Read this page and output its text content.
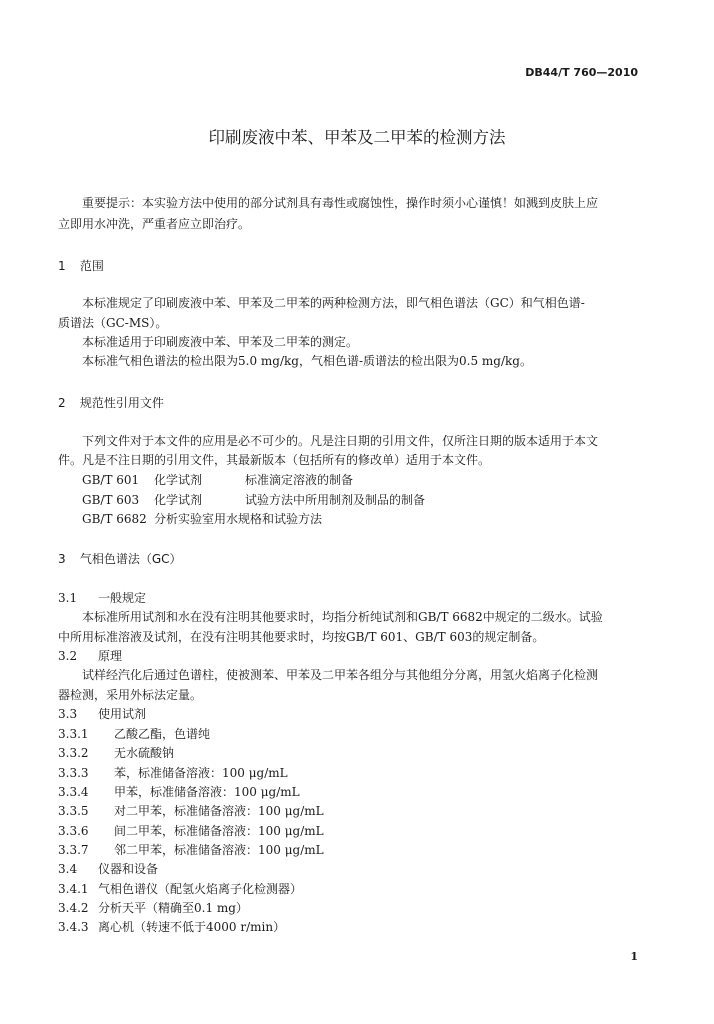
DB44/T 760—2010
印刷废液中苯、甲苯及二甲苯的检测方法
重要提示：本实验方法中使用的部分试剂具有毒性或腐蚀性，操作时须小心谨慎！如溅到皮肤上应
立即用水冲洗，严重者应立即治疗。
1 范围
本标准规定了印刷废液中苯、甲苯及二甲苯的两种检测方法，即气相色谱法（GC）和气相色谱-
质谱法（GC-MS）。
本标准适用于印刷废液中苯、甲苯及二甲苯的测定。
本标准气相色谱法的检出限为5.0 mg/kg，气相色谱-质谱法的检出限为0.5 mg/kg。
2 规范性引用文件
下列文件对于本文件的应用是必不可少的。凡是注日期的引用文件，仅所注日期的版本适用于本文
件。凡是不注日期的引用文件，其最新版本（包括所有的修改单）适用于本文件。
GB/T 601 化学试剂	标准滴定溶液的制备
GB/T 603 化学试剂	试验方法中所用制剂及制品的制备
GB/T 6682 分析实验室用水规格和试验方法
3 气相色谱法（GC）
3.1 一般规定
本标准所用试剂和水在没有注明其他要求时，均指分析纯试剂和GB/T 6682中规定的二级水。试验
中所用标准溶液及试剂，在没有注明其他要求时，均按GB/T 601、GB/T 603的规定制备。
3.2 原理
试样经汽化后通过色谱柱，使被测苯、甲苯及二甲苯各组分与其他组分分离，用氢火焰离子化检测
器检测，采用外标法定量。
3.3 使用试剂
3.3.1 乙酸乙酯，色谱纯
3.3.2 无水硫酸钠
3.3.3 苯，标准储备溶液：100 μg/mL
3.3.4 甲苯，标准储备溶液：100 μg/mL
3.3.5 对二甲苯，标准储备溶液：100 μg/mL
3.3.6 间二甲苯，标准储备溶液：100 μg/mL
3.3.7 邻二甲苯，标准储备溶液：100 μg/mL
3.4 仪器和设备
3.4.1 气相色谱仪（配氢火焰离子化检测器）
3.4.2 分析天平（精确至0.1 mg）
3.4.3 离心机（转速不低于4000 r/min）
1
